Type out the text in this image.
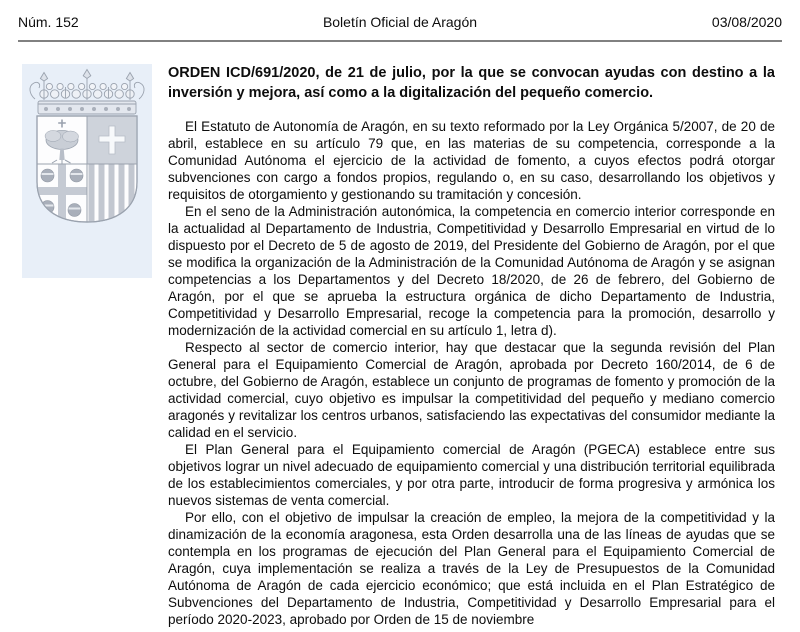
Núm. 152	Boletín Oficial de Aragón	03/08/2020

ORDEN ICD/691/2020, de 21 de julio, por la que se convocan ayudas con destino a la inversión y mejora, así como a la digitalización del pequeño comercio.

El Estatuto de Autonomía de Aragón, en su texto reformado por la Ley Orgánica 5/2007, de 20 de abril, establece en su artículo 79 que, en las materias de su competencia, corresponde a la Comunidad Autónoma el ejercicio de la actividad de fomento, a cuyos efectos podrá otorgar subvenciones con cargo a fondos propios, regulando o, en su caso, desarrollando los objetivos y requisitos de otorgamiento y gestionando su tramitación y concesión.

En el seno de la Administración autonómica, la competencia en comercio interior corresponde en la actualidad al Departamento de Industria, Competitividad y Desarrollo Empresarial en virtud de lo dispuesto por el Decreto de 5 de agosto de 2019, del Presidente del Gobierno de Aragón, por el que se modifica la organización de la Administración de la Comunidad Autónoma de Aragón y se asignan competencias a los Departamentos y del Decreto 18/2020, de 26 de febrero, del Gobierno de Aragón, por el que se aprueba la estructura orgánica de dicho Departamento de Industria, Competitividad y Desarrollo Empresarial, recoge la competencia para la promoción, desarrollo y modernización de la actividad comercial en su artículo 1, letra d).

Respecto al sector de comercio interior, hay que destacar que la segunda revisión del Plan General para el Equipamiento Comercial de Aragón, aprobada por Decreto 160/2014, de 6 de octubre, del Gobierno de Aragón, establece un conjunto de programas de fomento y promoción de la actividad comercial, cuyo objetivo es impulsar la competitividad del pequeño y mediano comercio aragonés y revitalizar los centros urbanos, satisfaciendo las expectativas del consumidor mediante la calidad en el servicio.

El Plan General para el Equipamiento comercial de Aragón (PGECA) establece entre sus objetivos lograr un nivel adecuado de equipamiento comercial y una distribución territorial equilibrada de los establecimientos comerciales, y por otra parte, introducir de forma progresiva y armónica los nuevos sistemas de venta comercial.

Por ello, con el objetivo de impulsar la creación de empleo, la mejora de la competitividad y la dinamización de la economía aragonesa, esta Orden desarrolla una de las líneas de ayudas que se contempla en los programas de ejecución del Plan General para el Equipamiento Comercial de Aragón, cuya implementación se realiza a través de la Ley de Presupuestos de la Comunidad Autónoma de Aragón de cada ejercicio económico; que está incluida en el Plan Estratégico de Subvenciones del Departamento de Industria, Competitividad y Desarrollo Empresarial para el período 2020-2023, aprobado por Orden de 15 de noviembre
